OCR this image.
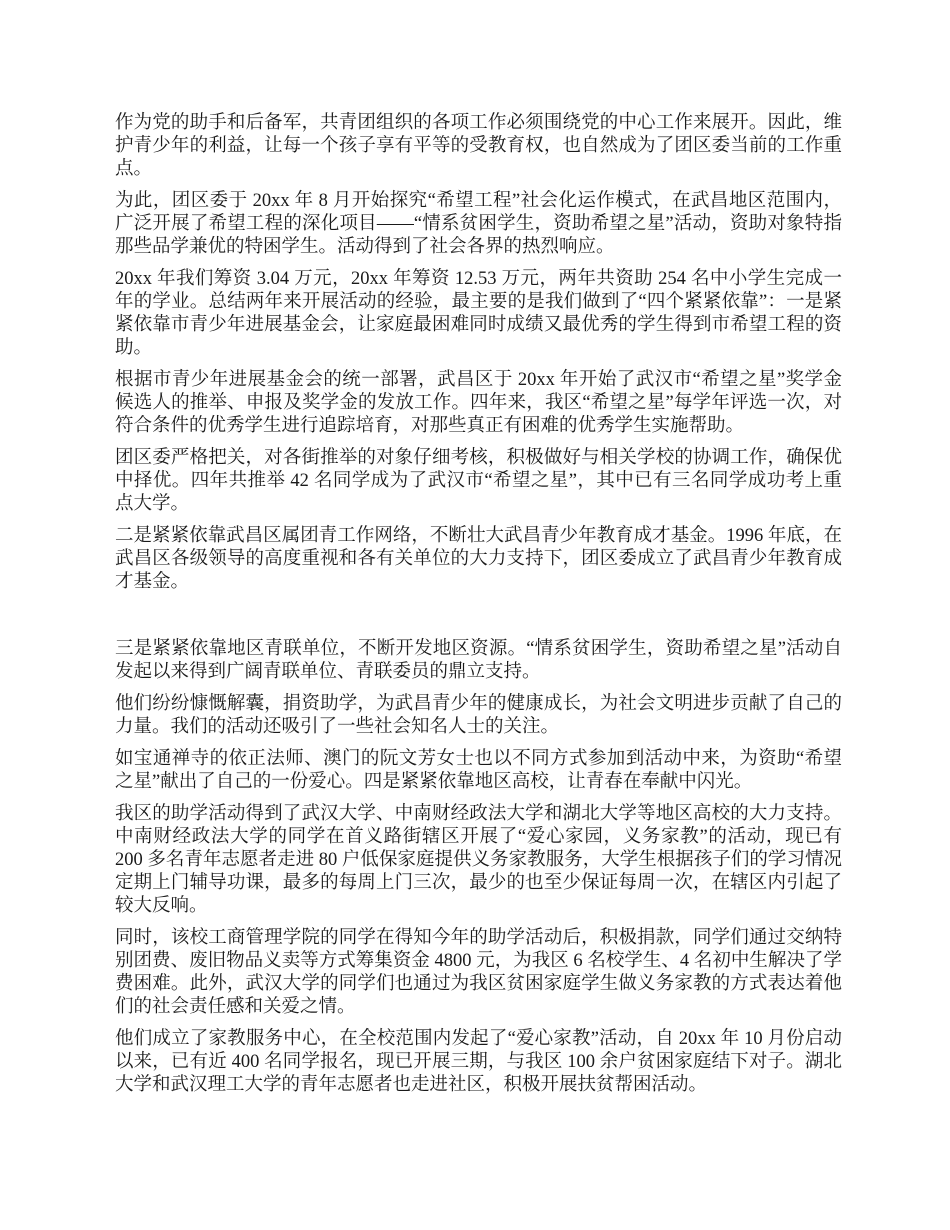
作为党的助手和后备军，共青团组织的各项工作必须围绕党的中心工作来展开。因此，维护青少年的利益，让每一个孩子享有平等的受教育权，也自然成为了团区委当前的工作重点。

为此，团区委于 20xx 年 8 月开始探究“希望工程”社会化运作模式，在武昌地区范围内，广泛开展了希望工程的深化项目——“情系贫困学生，资助希望之星”活动，资助对象特指那些品学兼优的特困学生。活动得到了社会各界的热烈响应。

20xx 年我们筹资 3.04 万元，20xx 年筹资 12.53 万元，两年共资助 254 名中小学生完成一年的学业。总结两年来开展活动的经验，最主要的是我们做到了“四个紧紧依靠”：一是紧紧依靠市青少年进展基金会，让家庭最困难同时成绩又最优秀的学生得到市希望工程的资助。

根据市青少年进展基金会的统一部署，武昌区于 20xx 年开始了武汉市“希望之星”奖学金候选人的推举、申报及奖学金的发放工作。四年来，我区“希望之星”每学年评选一次，对符合条件的优秀学生进行追踪培育，对那些真正有困难的优秀学生实施帮助。

团区委严格把关，对各街推举的对象仔细考核，积极做好与相关学校的协调工作，确保优中择优。四年共推举 42 名同学成为了武汉市“希望之星”，其中已有三名同学成功考上重点大学。

二是紧紧依靠武昌区属团青工作网络，不断壮大武昌青少年教育成才基金。1996 年底，在武昌区各级领导的高度重视和各有关单位的大力支持下，团区委成立了武昌青少年教育成才基金。

三是紧紧依靠地区青联单位，不断开发地区资源。“情系贫困学生，资助希望之星”活动自发起以来得到广阔青联单位、青联委员的鼎立支持。

他们纷纷慷慨解囊，捐资助学，为武昌青少年的健康成长，为社会文明进步贡献了自己的力量。我们的活动还吸引了一些社会知名人士的关注。

如宝通禅寺的依正法师、澳门的阮文芳女士也以不同方式参加到活动中来，为资助“希望之星”献出了自己的一份爱心。四是紧紧依靠地区高校，让青春在奉献中闪光。

我区的助学活动得到了武汉大学、中南财经政法大学和湖北大学等地区高校的大力支持。中南财经政法大学的同学在首义路街辖区开展了“爱心家园，义务家教”的活动，现已有 200 多名青年志愿者走进 80 户低保家庭提供义务家教服务，大学生根据孩子们的学习情况定期上门辅导功课，最多的每周上门三次，最少的也至少保证每周一次，在辖区内引起了较大反响。

同时，该校工商管理学院的同学在得知今年的助学活动后，积极捐款，同学们通过交纳特别团费、废旧物品义卖等方式筹集资金 4800 元，为我区 6 名校学生、4 名初中生解决了学费困难。此外，武汉大学的同学们也通过为我区贫困家庭学生做义务家教的方式表达着他们的社会责任感和关爱之情。

他们成立了家教服务中心，在全校范围内发起了“爱心家教”活动，自 20xx 年 10 月份启动以来，已有近 400 名同学报名，现已开展三期，与我区 100 余户贫困家庭结下对子。湖北大学和武汉理工大学的青年志愿者也走进社区，积极开展扶贫帮困活动。
